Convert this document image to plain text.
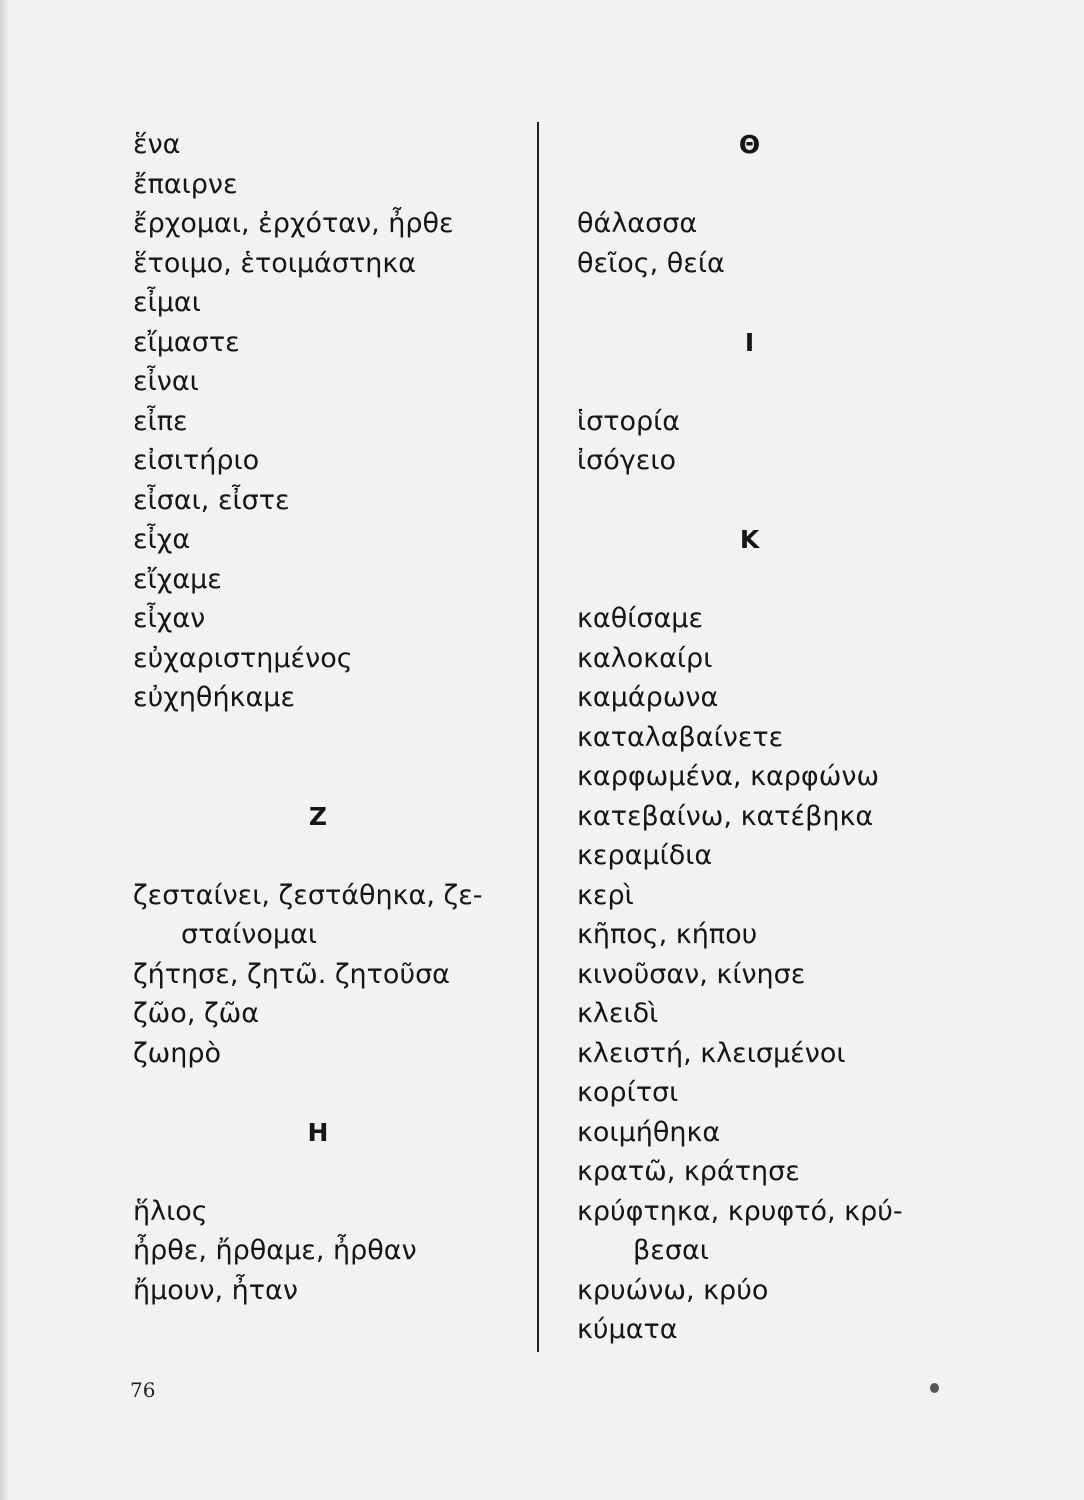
ἕνα
ἔπαιρνε
ἔρχομαι, ἐρχόταν, ἦρθε
ἕτοιμο, ἑτοιμάστηκα
εἶμαι
εἴμαστε
εἶναι
εἶπε
εἰσιτήριο
εἶσαι, εἶστε
εἶχα
εἴχαμε
εἶχαν
εὐχαριστημένος
εὐχηθήκαμε
Z
ζεσταίνει, ζεστάθηκα, ζε-
σταίνομαι
ζήτησε, ζητῶ. ζητοῦσα
ζῶο, ζῶα
ζωηρὸ
H
ἥλιος
ἦρθε, ἤρθαμε, ἦρθαν
ἤμουν, ἦταν
Θ
θάλασσα
θεῖος, θεία
I
ἱστορία
ἰσόγειο
K
καθίσαμε
καλοκαίρι
καμάρωνα
καταλαβαίνετε
καρφωμένα, καρφώνω
κατεβαίνω, κατέβηκα
κεραμίδια
κερὶ
κῆπος, κήπου
κινοῦσαν, κίνησε
κλειδὶ
κλειστή, κλεισμένοι
κορίτσι
κοιμήθηκα
κρατῶ, κράτησε
κρύφτηκα, κρυφτό, κρύ-
βεσαι
κρυώνω, κρύο
κύματα
76
